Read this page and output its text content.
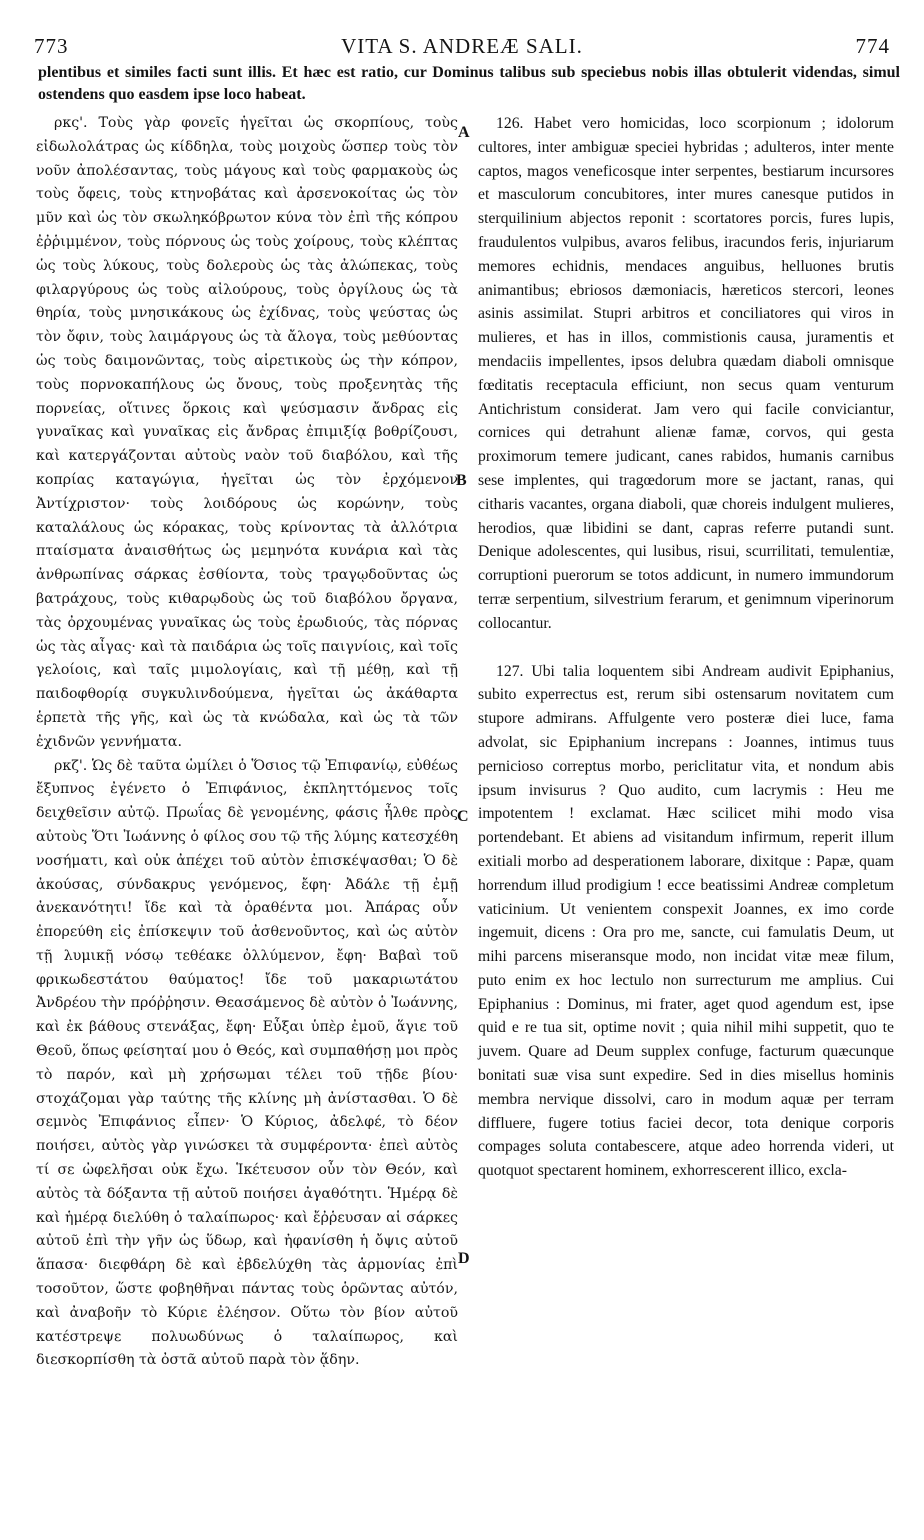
773	VITA S. ANDREÆ SALI.	774
plentibus et similes facti sunt illis. Et hæc est ratio, cur Dominus talibus sub speciebus nobis illas obtulerit videndas, simul ostendens quo easdem ipse loco habeat.

ρκς'. Τοὺς γὰρ φονεῖς ἡγεῖται ὡς σκορπίους, τοὺς εἰδωλολάτρας ὡς κίδδηλα, τοὺς μοιχοὺς ὥσπερ τοὺς τὸν νοῦν ἀπολέσαντας, τοὺς μάγους καὶ τοὺς φαρμακοὺς ὡς τοὺς ὄφεις, τοὺς κτηνοβάτας καὶ ἀρσενοκοίτας ὡς τὸν μῦν καὶ ὡς τὸν σκωληκόβρωτον κύνα τὸν ἐπὶ τῆς κόπρου ἐῤῥιμμένον, τοὺς πόρνους ὡς τοὺς χοίρους, τοὺς κλέπτας ὡς τοὺς λύκους, τοὺς δολεροὺς ὡς τὰς ἀλώπεκας, τοὺς φιλαργύρους ὡς τοὺς αἰλούρους, τοὺς ὀργίλους ὡς τὰ θηρία, τοὺς μνησικάκους ὡς ἐχίδνας, τοὺς ψεύστας ὡς τὸν ὄφιν, τοὺς λαιμάργους ὡς τὰ ἄλογα, τοὺς μεθύοντας ὡς τοὺς δαιμονῶντας, τοὺς αἱρετικοὺς ὡς τὴν κόπρον, τοὺς πορνοκαπήλους ὡς ὄνους, τοὺς προξενητὰς τῆς πορνείας, οἵτινες ὅρκοις καὶ ψεύσμασιν ἄνδρας εἰς γυναῖκας καὶ γυναῖκας εἰς ἄνδρας ἐπιμιξίᾳ βοθρίζουσι, καὶ κατεργάζονται αὐτοὺς ναὸν τοῦ διαβόλου, καὶ τῆς κοπρίας καταγώγια, ἡγεῖται ὡς τὸν ἐρχόμενον Ἀντίχριστον· τοὺς λοιδόρους ὡς κορώνην, τοὺς καταλάλους ὡς κόρακας, τοὺς κρίνοντας τὰ ἀλλότρια πταίσματα ἀναισθήτως ὡς μεμηνότα κυνάρια καὶ τὰς ἀνθρωπίνας σάρκας ἐσθίοντα, τοὺς τραγῳδοῦντας ὡς βατράχους, τοὺς κιθαρῳδοὺς ὡς τοῦ διαβόλου ὄργανα, τὰς ὀρχουμένας γυναῖκας ὡς τοὺς ἐρωδιούς, τὰς πόρνας ὡς τὰς αἶγας· καὶ τὰ παιδάρια ὡς τοῖς παιγνίοις, καὶ τοῖς γελοίοις, καὶ ταῖς μιμολογίαις, καὶ τῇ μέθῃ, καὶ τῇ παιδοφθορίᾳ συγκυλινδούμενα, ἡγεῖται ὡς ἀκάθαρτα ἑρπετὰ τῆς γῆς, καὶ ὡς τὰ κνώδαλα, καὶ ὡς τὰ τῶν ἐχιδνῶν γεννήματα.

ρκζ'. Ὡς δὲ ταῦτα ὡμίλει ὁ Ὅσιος τῷ Ἐπιφανίῳ, εὐθέως ἔξυπνος ἐγένετο ὁ Ἐπιφάνιος, ἐκπληττόμενος τοῖς δειχθεῖσιν αὐτῷ. Πρωΐας δὲ γενομένης, φάσις ἦλθε πρὸς αὐτοὺς Ὅτι Ἰωάννης ὁ φίλος σου τῷ τῆς λύμης κατεσχέθη νοσήματι, καὶ οὐκ ἀπέχει τοῦ αὐτὸν ἐπισκέψασθαι; Ὁ δὲ ἀκούσας, σύνδακρυς γενόμενος, ἔφη· Ἀδάλε τῇ ἐμῇ ἀνεκανότητι! ἴδε καὶ τὰ ὁραθέντα μοι. Ἀπάρας οὖν ἐπορεύθη εἰς ἐπίσκεψιν τοῦ ἀσθενοῦντος, καὶ ὡς αὐτὸν τῇ λυμικῇ νόσῳ τεθέακε ὀλλύμενον, ἔφη· Βαβαὶ τοῦ φρικωδεστάτου θαύματος! ἴδε τοῦ μακαριωτάτου Ἀνδρέου τὴν πρόῤῥησιν. Θεασάμενος δὲ αὐτὸν ὁ Ἰωάννης, καὶ ἐκ βάθους στενάξας, ἔφη· Εὖξαι ὑπὲρ ἐμοῦ, ἅγιε τοῦ Θεοῦ, ὅπως φείσηταί μου ὁ Θεός, καὶ συμπαθήσῃ μοι πρὸς τὸ παρόν, καὶ μὴ χρήσωμαι τέλει τοῦ τῇδε βίου· στοχάζομαι γὰρ ταύτης τῆς κλίνης μὴ ἀνίστασθαι. Ὁ δὲ σεμνὸς Ἐπιφάνιος εἶπεν· Ὁ Κύριος, ἀδελφέ, τὸ δέον ποιήσει, αὐτὸς γὰρ γινώσκει τὰ συμφέροντα· ἐπεὶ αὐτὸς τί σε ὠφελῆσαι οὐκ ἔχω. Ἱκέτευσον οὖν τὸν Θεόν, καὶ αὐτὸς τὰ δόξαντα τῇ αὐτοῦ ποιήσει ἀγαθότητι. Ἡμέρᾳ δὲ καὶ ἡμέρᾳ διελύθη ὁ ταλαίπωρος· καὶ ἔῤῥευσαν αἱ σάρκες αὐτοῦ ἐπὶ τὴν γῆν ὡς ὕδωρ, καὶ ἠφανίσθη ἡ ὄψις αὐτοῦ ἅπασα· διεφθάρη δὲ καὶ ἐβδελύχθη τὰς ἁρμονίας ἐπὶ τοσοῦτον, ὥστε φοβηθῆναι πάντας τοὺς ὁρῶντας αὐτόν, καὶ ἀναβοῆν τὸ Κύριε ἐλέησον. Οὕτω τὸν βίον αὐτοῦ κατέστρεψε πολυωδύνως ὁ ταλαίπωρος, καὶ διεσκορπίσθη τὰ ὀστᾶ αὐτοῦ παρὰ τὸν ᾅδην.

126. Habet vero homicidas, loco scorpionum ; idolorum cultores, inter ambiguæ speciei hybridas ; adulteros, inter mente captos, magos veneficosque inter serpentes, bestiarum incursores et masculorum concubitores, inter mures canesque putidos in sterquilinium abjectos reponit : scortatores porcis, fures lupis, fraudulentos vulpibus, avaros felibus, iracundos feris, injuriarum memores echidnis, mendaces anguibus, helluones brutis animantibus; ebriosos dæmoniacis, hæreticos stercori, leones asinis assimilat. Stupri arbitros et conciliatores qui viros in mulieres, et has in illos, commistionis causa, juramentis et mendaciis impellentes, ipsos delubra quædam diaboli omnisque fœditatis receptacula efficiunt, non secus quam venturum Antichristum considerat. Jam vero qui facile conviciantur, cornices qui detrahunt alienæ famæ, corvos, qui gesta proximorum temere judicant, canes rabidos, humanis carnibus sese implentes, qui tragœdorum more se jactant, ranas, qui citharis vacantes, organa diaboli, quæ choreis indulgent mulieres, herodios, quæ libidini se dant, capras referre putandi sunt. Denique adolescentes, qui lusibus, risui, scurrilitati, temulentiæ, corruptioni puerorum se totos addicunt, in numero immundorum terræ serpentium, silvestrium ferarum, et genimnum viperinorum collocantur.

127. Ubi talia loquentem sibi Andream audivit Epiphanius, subito experrectus est, rerum sibi ostensarum novitatem cum stupore admirans. Affulgente vero posteræ diei luce, fama advolat, sic Epiphanium increpans : Joannes, intimus tuus pernicioso correptus morbo, periclitatur vita, et nondum abis ipsum invisurus ? Quo audito, cum lacrymis : Heu me impotentem ! exclamat. Hæc scilicet mihi modo visa portendebant. Et abiens ad visitandum infirmum, reperit illum exitiali morbo ad desperationem laborare, dixitque : Papæ, quam horrendum illud prodigium ! ecce beatissimi Andreæ completum vaticinium. Ut venientem conspexit Joannes, ex imo corde ingemuit, dicens : Ora pro me, sancte, cui famulatis Deum, ut mihi parcens miseransque modo, non incidat vitæ meæ filum, puto enim ex hoc lectulo non surrecturum me amplius. Cui Epiphanius : Dominus, mi frater, aget quod agendum est, ipse quid e re tua sit, optime novit ; quia nihil mihi suppetit, quo te juvem. Quare ad Deum supplex confuge, facturum quæcunque bonitati suæ visa sunt expedire. Sed in dies misellus hominis membra nervique dissolvi, caro in modum aquæ per terram diffluere, fugere totius faciei decor, tota denique corporis compages soluta contabescere, atque adeo horrenda videri, ut quotquot spectarent hominem, exhorrescerent illico, excla-

A
B
C
D
